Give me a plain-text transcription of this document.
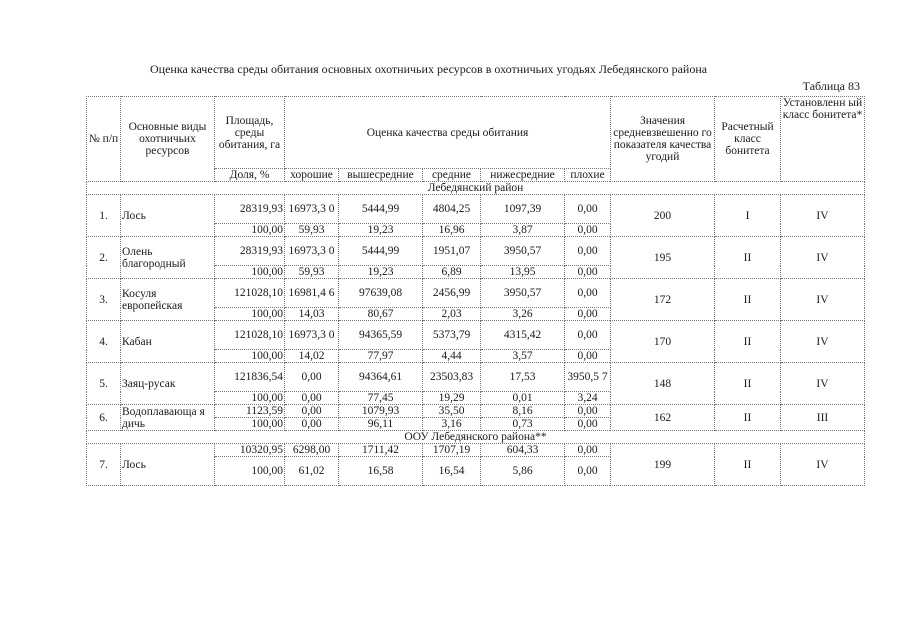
Оценка качества среды обитания основных охотничьих ресурсов в охотничьих угодьях Лебедянского района
Таблица 83
№ п/п	Основные виды охотничьих ресурсов	Площадь, среды обитания, га	Оценка качества среды обитания					Значения средневзвешенно го показателя качества угодий	Расчетный класс бонитета	Установленн ый класс бонитета*
		Доля, %	хорошие	вышесредние	средние	нижесредние	плохие			
Лебедянский район										
1.	Лось	28319,93	16973,3 0	5444,99	4804,25	1097,39	0,00	200	I	IV
		100,00	59,93	19,23	16,96	3,87	0,00			
2.	Олень благородный	28319,93	16973,3 0	5444,99	1951,07	3950,57	0,00	195	II	IV
		100,00	59,93	19,23	6,89	13,95	0,00			
3.	Косуля европейская	121028,10	16981,4 6	97639,08	2456,99	3950,57	0,00	172	II	IV
		100,00	14,03	80,67	2,03	3,26	0,00			
4.	Кабан	121028,10	16973,3 0	94365,59	5373,79	4315,42	0,00	170	II	IV
		100,00	14,02	77,97	4,44	3,57	0,00			
5.	Заяц-русак	121836,54	0,00	94364,61	23503,83	17,53	3950,5 7	148	II	IV
		100,00	0,00	77,45	19,29	0,01	3,24			
6.	Водоплавающа я дичь	1123,59	0,00	1079,93	35,50	8,16	0,00	162	II	III
		100,00	0,00	96,11	3,16	0,73	0,00			
ООУ Лебедянского района**										
7.	Лось	10320,95	6298,00	1711,42	1707,19	604,33	0,00	199	II	IV
		100,00	61,02	16,58	16,54	5,86	0,00			
